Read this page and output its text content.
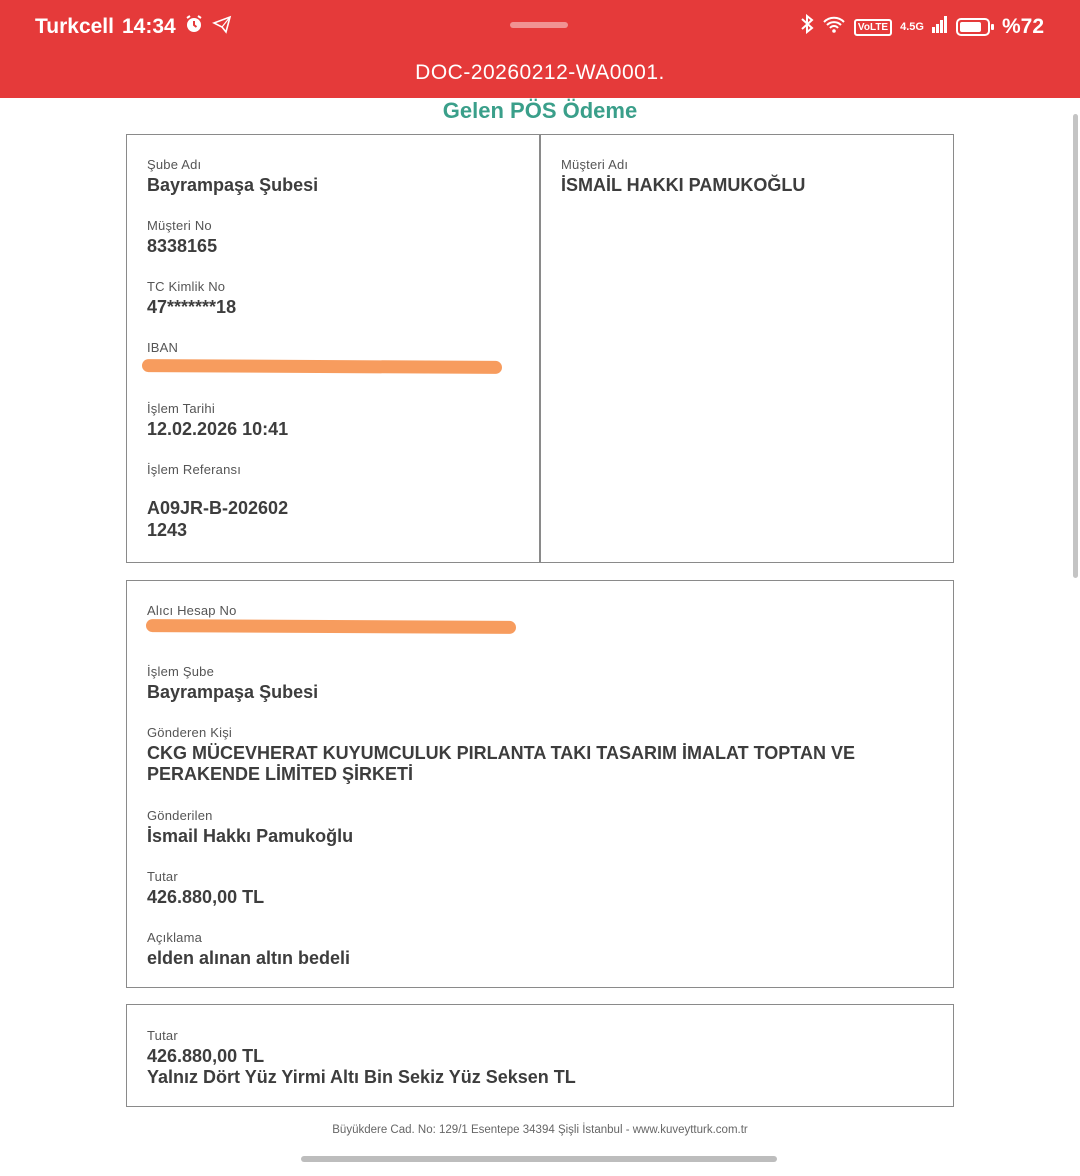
Turkcell 14:34	VoLTE	4.5G	%72
DOC-20260212-WA0001.
Gelen PÖS Ödeme
Şube Adı
Bayrampaşa Şubesi
Müşteri No
8338165
TC Kimlik No
47*******18
IBAN
İşlem Tarihi
12.02.2026 10:41
İşlem Referansı
A09JR-B-202602
1243
Müşteri Adı
İSMAİL HAKKI PAMUKOĞLU
Alıcı Hesap No
İşlem Şube
Bayrampaşa Şubesi
Gönderen Kişi
CKG MÜCEVHERAT KUYUMCULUK PIRLANTA TAKI TASARIM İMALAT TOPTAN VE
PERAKENDE LİMİTED ŞİRKETİ
Gönderilen
İsmail Hakkı Pamukoğlu
Tutar
426.880,00 TL
Açıklama
elden alınan altın bedeli
Tutar
426.880,00 TL
Yalnız Dört Yüz Yirmi Altı Bin Sekiz Yüz Seksen TL
Büyükdere Cad. No: 129/1 Esentepe 34394 Şişli İstanbul - www.kuveytturk.com.tr
